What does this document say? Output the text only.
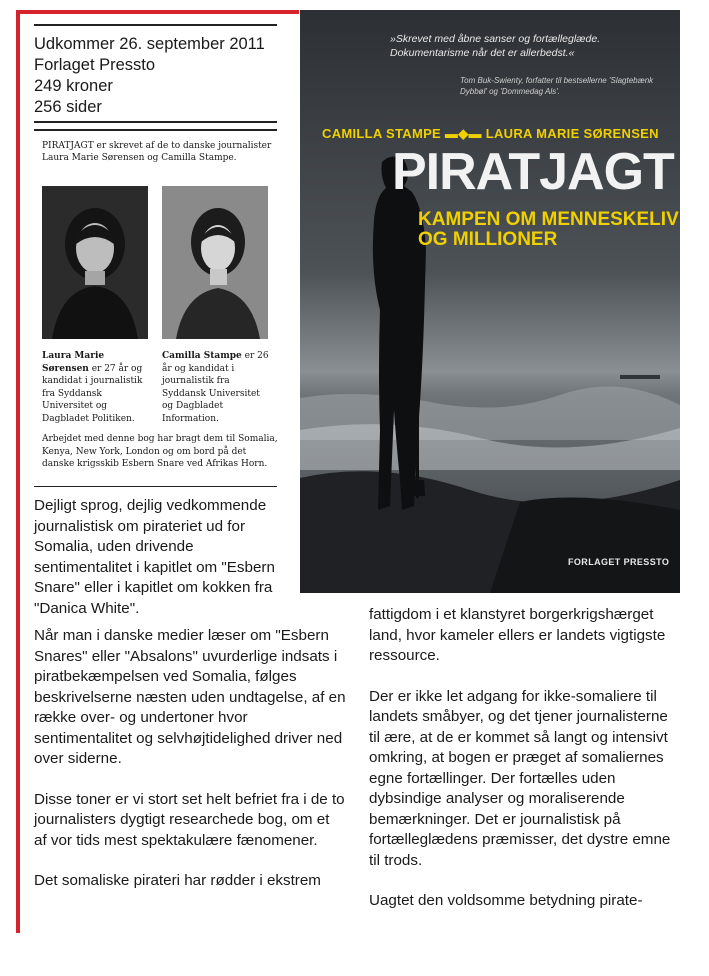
Udkommer 26. september 2011
Forlaget Pressto
249 kroner
256 sider
PIRATJAGT er skrevet af de to danske journalister Laura Marie Sørensen og Camilla Stampe.
Laura Marie Sørensen er 27 år og kandidat i journalistik fra Syddansk Universitet og Dagbladet Politiken.
Camilla Stampe er 26 år og kandidat i journalistik fra Syddansk Universitet og Dagbladet Information.
Arbejdet med denne bog har bragt dem til Somalia, Kenya, New York, London og om bord på det danske krigsskib Esbern Snare ved Afrikas Horn.
»Skrevet med åbne sanser og fortælleglæde. Dokumentarisme når det er allerbedst.«
Tom Buk-Swienty, forfatter til bestsellerne 'Slagtebænk Dybbøl' og 'Dommedag Als'.
CAMILLA STAMPE ▬◆▬ LAURA MARIE SØRENSEN
PIRATJAGT
KAMPEN OM MENNESKELIV
OG MILLIONER
FORLAGET PRESSTO

Dejligt sprog, dejlig vedkommende journalistisk om pirateriet ud for Somalia, uden drivende sentimentalitet i kapitlet om "Esbern Snare" eller i kapitlet om kokken fra "Danica White".

Når man i danske medier læser om "Esbern Snares" eller "Absalons" uvurderlige indsats i piratbekæmpelsen ved Somalia, følges beskrivelserne næsten uden undtagelse, af en række over- og undertoner hvor sentimentalitet og selvhøjtidelighed driver ned over siderne.

Disse toner er vi stort set helt befriet fra i de to journalisters dygtigt researchede bog, om et af vor tids mest spektakulære fænomener.

Det somaliske pirateri har rødder i ekstrem

fattigdom i et klanstyret borgerkrigshærget land, hvor kameler ellers er landets vigtigste ressource.

Der er ikke let adgang for ikke-somaliere til landets småbyer, og det tjener journalisterne til ære, at de er kommet så langt og intensivt omkring, at bogen er præget af somaliernes egne fortællinger. Der fortælles uden dybsindige analyser og moraliserende bemærkninger. Det er journalistisk på fortælleglædens præmisser, det dystre emne til trods.

Uagtet den voldsomme betydning pirate-
